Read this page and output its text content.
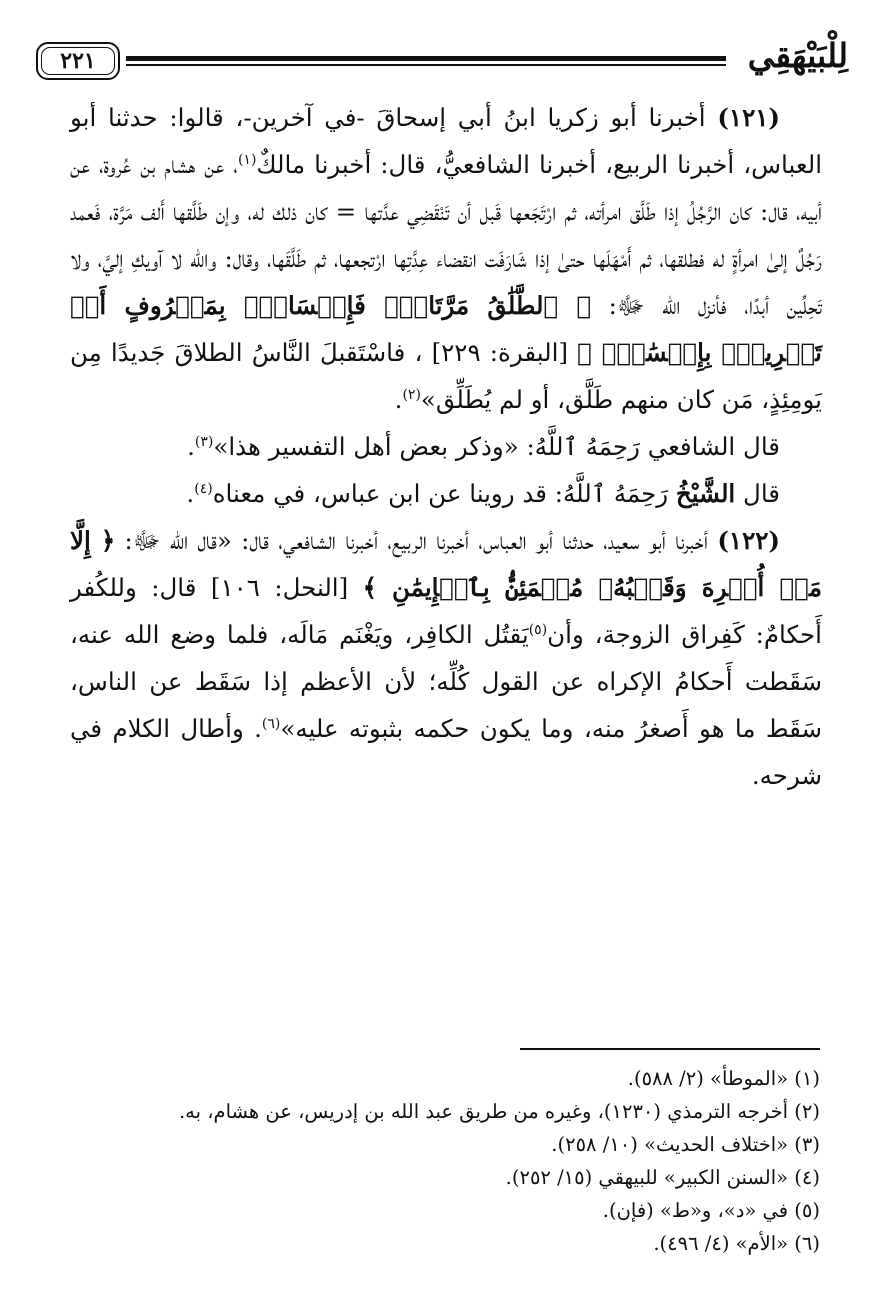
٢٢١	لِلْبَيْهَقِي

(١٢١) أخبرنا أبو زكريا ابنُ أبي إسحاقَ -في آخرين-، قالوا: حدثنا أبو العباس، أخبرنا الربيع، أخبرنا الشافعيُّ، قال: أخبرنا مالكٌ$^{(١)}$، عن هشام بن عُروة، عن أبيه، قال: كان الرَّجُلُ إذا طَلَّق امرأته، ثم ارْتَجَعها قَبل أن تَنْقَضِي عدَّتها = كان ذلك له، وإن طَلَّقها أَلف مَرَّة، فَعمد رَجُلٌ إلىٰ امرأةٍ له فطلقها، ثم أَمْهَلَها حتىٰ إذا شَارَفَت انقضاء عِدَّتِها ارْتجعها، ثم طَلَّقَها، وقال: والله لا آويكِ إليَّ، ولا تَحِلِّين أبدًا، فأنزل الله ﷻ: ﴿ ٱلطَّلَٰقُ مَرَّتَانِۖ فَإِمۡسَاكُۢ بِمَعۡرُوفٍ أَوۡ تَسۡرِيحُۢ بِإِحۡسَٰنٖۗ ﴾ [البقرة: ٢٢٩] ، فاسْتَقبلَ النَّاسُ الطلاقَ جَديدًا مِن يَومِئِذٍ، مَن كان منهم طَلَّق، أو لم يُطَلِّق»$^{(٢)}$.

قال الشافعي رَحِمَهُ ٱللَّهُ: «وذكر بعض أهل التفسير هذا»$^{(٣)}$.

قال الشَّيْخُ رَحِمَهُ ٱللَّهُ: قد روينا عن ابن عباس، في معناه$^{(٤)}$.

(١٢٢) أخبرنا أبو سعيد، حدثنا أبو العباس، أخبرنا الربيع، أخبرنا الشافعي، قال: «قال الله ﷻ: ﴿ إِلَّا مَنۡ أُكۡرِهَ وَقَلۡبُهُۥ مُطۡمَئِنُّۢ بِٱلۡإِيمَٰنِ ﴾ [النحل: ١٠٦] قال: وللكُفر أَحكامٌ: كَفِراق الزوجة، وأن$^{(٥)}$يَقتُل الكافِر، ويَغْنَم مَالَه، فلما وضع الله عنه، سَقَطت أَحكامُ الإكراه عن القول كُلِّه؛ لأن الأعظم إذا سَقَط عن الناس، سَقَط ما هو أَصغرُ منه، وما يكون حكمه بثبوته عليه»$^{(٦)}$. وأطال الكلام في شرحه.

(١) «الموطأ» (٢/ ٥٨٨).
(٢) أخرجه الترمذي (١٢٣٠)، وغيره من طريق عبد الله بن إدريس، عن هشام، به.
(٣) «اختلاف الحديث» (١٠/ ٢٥٨).
(٤) «السنن الكبير» للبيهقي (١٥/ ٢٥٢).
(٥) في «د»، و«ط» (فإن).
(٦) «الأم» (٤/ ٤٩٦).
